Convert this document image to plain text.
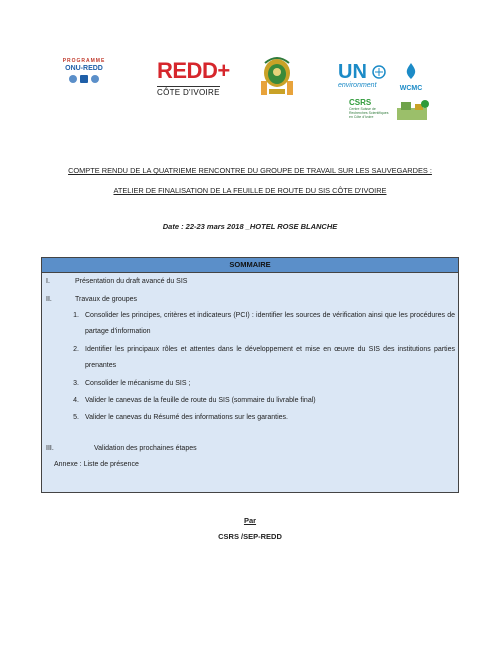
PROGRAMME
ONU-REDD	REDD+
CÔTE D'IVOIRE
UN
environment	WCMC
CSRS
Centre Suisse de Recherches Scientifiques en Côte d'Ivoire
COMPTE RENDU DE LA QUATRIEME RENCONTRE DU GROUPE DE TRAVAIL SUR LES SAUVEGARDES :
ATELIER DE FINALISATION DE LA FEUILLE DE ROUTE DU SIS CÔTE D'IVOIRE
Date : 22-23 mars 2018 _HOTEL ROSE BLANCHE
SOMMAIRE
I.	Présentation du draft avancé du SIS
II.	Travaux de groupes
1. Consolider les principes, critères et indicateurs (PCI) : identifier les sources de vérification ainsi que les procédures de partage d'information
2. Identifier les principaux rôles et attentes dans le développement et mise en œuvre du SIS des institutions parties prenantes
3. Consolider le mécanisme du SIS ;
4. Valider le canevas de la feuille de route du SIS (sommaire du livrable final)
5. Valider le canevas du Résumé des informations sur les garanties.
III.	Validation des prochaines étapes
Annexe : Liste de présence
Par
CSRS /SEP-REDD
